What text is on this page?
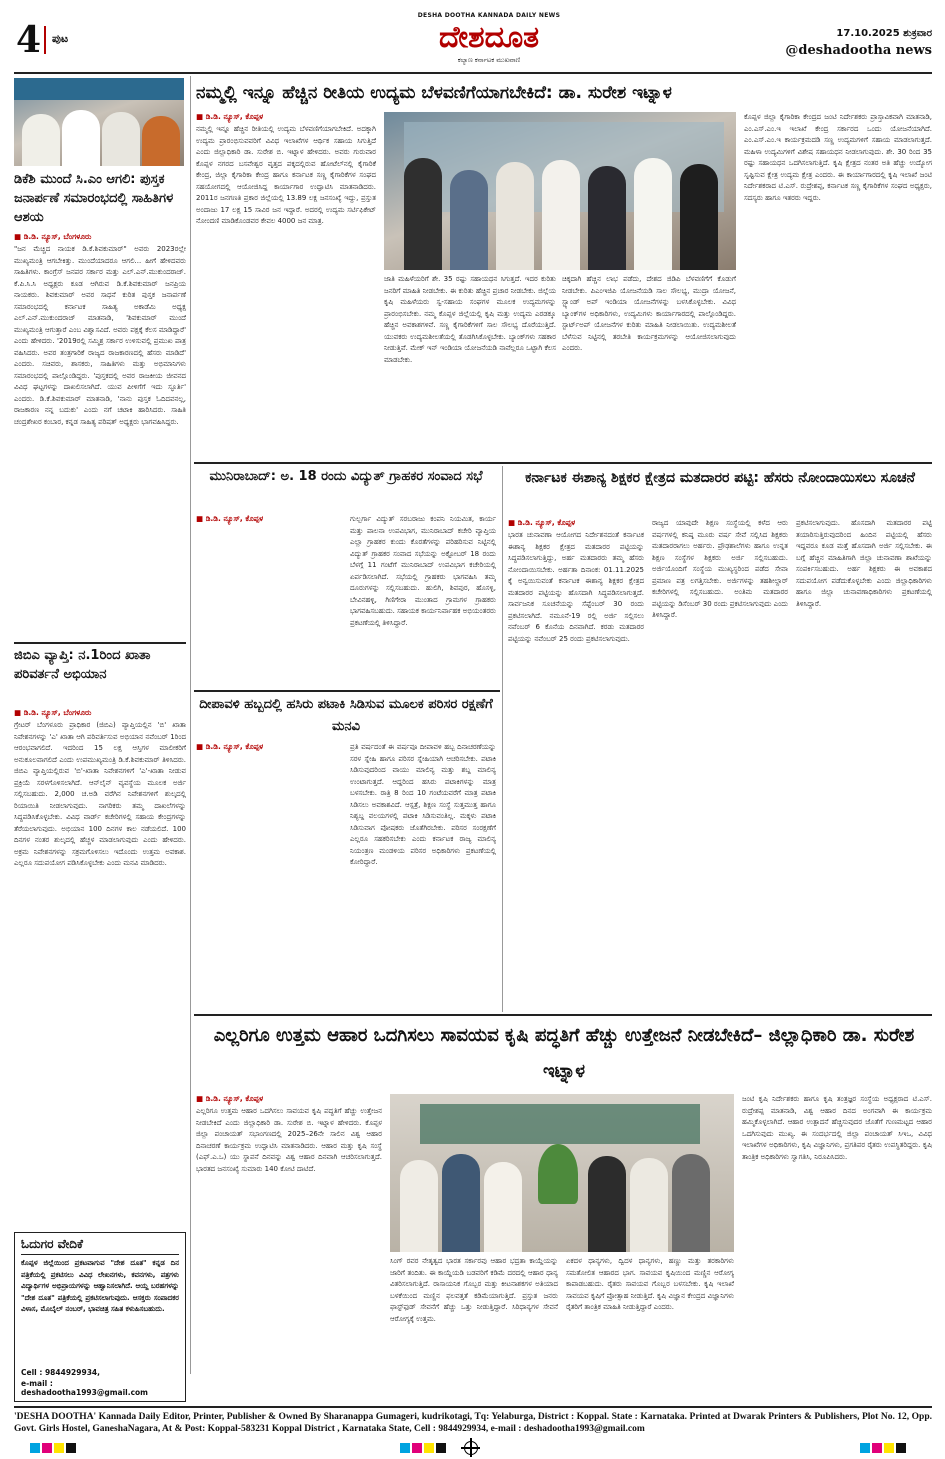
4 ಪುಟ
DESHA DOOTHA KANNADA DAILY NEWS
ದೇಶದೂತ
ಕಲ್ಯಾಣ ಕರ್ನಾಟಕ ಮುಖವಾಣಿ
17.10.2025 ಶುಕ್ರವಾರ
@deshadootha news
ಡಿಕೆಶಿ ಮುಂದೆ ಸಿ.ಎಂ ಆಗಲಿ: ಪುಸ್ತಕ ಜನಾರ್ಪಣೆ ಸಮಾರಂಭದಲ್ಲಿ ಸಾಹಿತಿಗಳ ಆಶಯ
■ ಡಿ.ಡಿ. ನ್ಯೂಸ್‌, ಬೆಂಗಳೂರು
"ಜನ ಮೆಚ್ಚಿದ ನಾಯಕ ಡಿ.ಕೆ.ಶಿವಕುಮಾರ್" ಅವರು 2023ರಲ್ಲೇ ಮುಖ್ಯಮಂತ್ರಿ ಆಗಬೇಕಿತ್ತು. ಮುಂದೆಯಾದರೂ ಆಗಲಿ... ಹೀಗೆ ಹೇಳಿದವರು ಸಾಹಿತಿಗಳು. ಕಾಂಗ್ರೆಸ್ ಜನಪರ ಸರ್ಕಾರ ಮತ್ತು ಎಲ್.ಎನ್.ಮುಕುಂದರಾಜ್. ಕೆ.ಪಿ.ಸಿ.ಸಿ ಅಧ್ಯಕ್ಷರು ಕೂಡ ಆಗಿರುವ ಡಿ.ಕೆ.ಶಿವಕುಮಾರ್ ಜನಪ್ರಿಯ ನಾಯಕರು. ಶಿವಕುಮಾರ್ ಅವರ ಸಾಧನೆ ಕುರಿತ ಪುಸ್ತಕ ಜನಾರ್ಪಣೆ ಸಮಾರಂಭದಲ್ಲಿ ಕರ್ನಾಟಕ ಸಾಹಿತ್ಯ ಅಕಾಡೆಮಿ ಅಧ್ಯಕ್ಷ ಎಲ್.ಎನ್.ಮುಕುಂದರಾಜ್ ಮಾತನಾಡಿ, 'ಶಿವಕುಮಾರ್ ಮುಂದೆ ಮುಖ್ಯಮಂತ್ರಿ ಆಗುತ್ತಾರೆ ಎಂಬ ವಿಶ್ವಾಸವಿದೆ. ಅವರು ಪಕ್ಷಕ್ಕೆ ಕೆಲಸ ಮಾಡಿದ್ದಾರೆ' ಎಂದು ಹೇಳಿದರು. '2019ರಲ್ಲಿ ಸಮ್ಮಿಶ್ರ ಸರ್ಕಾರ ಉಳಿಸುವಲ್ಲಿ ಪ್ರಮುಖ ಪಾತ್ರ ವಹಿಸಿದರು. ಅವರ ತಂತ್ರಗಾರಿಕೆ ರಾಜ್ಯದ ರಾಜಕಾರಣದಲ್ಲಿ ಹೆಸರು ಮಾಡಿದೆ' ಎಂದರು. ಸಚಿವರು, ಶಾಸಕರು, ಸಾಹಿತಿಗಳು ಮತ್ತು ಅಭಿಮಾನಿಗಳು ಸಮಾರಂಭದಲ್ಲಿ ಪಾಲ್ಗೊಂಡಿದ್ದರು. 'ಪುಸ್ತಕದಲ್ಲಿ ಅವರ ರಾಜಕೀಯ ಜೀವನದ ವಿವಿಧ ಘಟ್ಟಗಳನ್ನು ದಾಖಲಿಸಲಾಗಿದೆ. ಯುವ ಪೀಳಿಗೆಗೆ ಇದು ಸ್ಫೂರ್ತಿ' ಎಂದರು. ಡಿ.ಕೆ.ಶಿವಕುಮಾರ್ ಮಾತನಾಡಿ, 'ನಾನು ಪುಸ್ತಕ ಓದಿದವನಲ್ಲ, ರಾಜಕಾರಣ ನನ್ನ ಬದುಕು' ಎಂದು ನಗೆ ಚಟಾಕಿ ಹಾರಿಸಿದರು. ಸಾಹಿತಿ ಚಂದ್ರಶೇಖರ ಕಂಬಾರ, ಕನ್ನಡ ಸಾಹಿತ್ಯ ಪರಿಷತ್ ಅಧ್ಯಕ್ಷರು ಭಾಗವಹಿಸಿದ್ದರು.
ಜಿಬಿಎ ವ್ಯಾಪ್ತಿ: ನ.1ರಿಂದ ಖಾತಾ ಪರಿವರ್ತನೆ ಅಭಿಯಾನ
■ ಡಿ.ಡಿ. ನ್ಯೂಸ್‌, ಬೆಂಗಳೂರು
ಗ್ರೇಟರ್ ಬೆಂಗಳೂರು ಪ್ರಾಧಿಕಾರ (ಜಿಬಿಎ) ವ್ಯಾಪ್ತಿಯಲ್ಲಿನ 'ಬಿ' ಖಾತಾ ನಿವೇಶನಗಳನ್ನು 'ಎ' ಖಾತಾ ಆಗಿ ಪರಿವರ್ತಿಸುವ ಅಭಿಯಾನ ನವೆಂಬರ್ 1ರಿಂದ ಆರಂಭವಾಗಲಿದೆ. ಇದರಿಂದ 15 ಲಕ್ಷ ಆಸ್ತಿಗಳ ಮಾಲೀಕರಿಗೆ ಅನುಕೂಲವಾಗಲಿದೆ ಎಂದು ಉಪಮುಖ್ಯಮಂತ್ರಿ ಡಿ.ಕೆ.ಶಿವಕುಮಾರ್ ತಿಳಿಸಿದರು. ಜಿಬಿಎ ವ್ಯಾಪ್ತಿಯಲ್ಲಿರುವ 'ಬಿ'-ಖಾತಾ ನಿವೇಶನಗಳಿಗೆ 'ಎ'-ಖಾತಾ ನೀಡುವ ಪ್ರಕ್ರಿಯೆ ಸರಳಗೊಳಿಸಲಾಗಿದೆ. ಆನ್‌ಲೈನ್ ವ್ಯವಸ್ಥೆಯ ಮೂಲಕ ಅರ್ಜಿ ಸಲ್ಲಿಸಬಹುದು. 2,000 ಚ.ಅಡಿ ವರೆಗಿನ ನಿವೇಶನಗಳಿಗೆ ಶುಲ್ಕದಲ್ಲಿ ರಿಯಾಯಿತಿ ನೀಡಲಾಗುವುದು. ನಾಗರಿಕರು ತಮ್ಮ ದಾಖಲೆಗಳನ್ನು ಸಿದ್ಧಪಡಿಸಿಕೊಳ್ಳಬೇಕು. ವಿವಿಧ ವಾರ್ಡ್ ಕಚೇರಿಗಳಲ್ಲಿ ಸಹಾಯ ಕೇಂದ್ರಗಳನ್ನು ತೆರೆಯಲಾಗುವುದು. ಅಭಿಯಾನ 100 ದಿನಗಳ ಕಾಲ ನಡೆಯಲಿದೆ. 100 ದಿನಗಳ ನಂತರ ಶುಲ್ಕದಲ್ಲಿ ಹೆಚ್ಚಳ ಮಾಡಲಾಗುವುದು ಎಂದು ಹೇಳಿದರು. ಅಕ್ರಮ ನಿವೇಶನಗಳನ್ನು ಸಕ್ರಮಗೊಳಿಸಲು ಇದೊಂದು ಉತ್ತಮ ಅವಕಾಶ. ಎಲ್ಲರೂ ಸದುಪಯೋಗ ಪಡಿಸಿಕೊಳ್ಳಬೇಕು ಎಂದು ಮನವಿ ಮಾಡಿದರು.
ನಮ್ಮಲ್ಲಿ ಇನ್ನೂ ಹೆಚ್ಚಿನ ರೀತಿಯ ಉದ್ಯಮ ಬೆಳವಣಿಗೆಯಾಗಬೇಕಿದೆ: ಡಾ. ಸುರೇಶ ಇಟ್ನಾಳ
■ ಡಿ.ಡಿ. ನ್ಯೂಸ್‌, ಕೊಪ್ಪಳ
ನಮ್ಮಲ್ಲಿ ಇನ್ನೂ ಹೆಚ್ಚಿನ ರೀತಿಯಲ್ಲಿ ಉದ್ಯಮ ಬೆಳವಣಿಗೆಯಾಗಬೇಕಿದೆ. ಅದಕ್ಕಾಗಿ ಉದ್ಯಮ ಪ್ರಾರಂಭಿಸುವವರಿಗೆ ವಿವಿಧ ಇಲಾಖೆಗಳ ಆರ್ಥಿಕ ಸಹಾಯ ಸಿಗುತ್ತಿದೆ ಎಂದು ಜಿಲ್ಲಾಧಿಕಾರಿ ಡಾ. ಸುರೇಶ ಬಿ. ಇಟ್ನಾಳ ಹೇಳಿದರು. ಅವರು ಗುರುವಾರ ಕೊಪ್ಪಳ ನಗರದ ಬಸವೇಶ್ವರ ವೃತ್ತದ ಪಕ್ಕದಲ್ಲಿರುವ ಹೋಟೆಲ್‌ನಲ್ಲಿ ಕೈಗಾರಿಕೆ ಕೇಂದ್ರ, ಜಿಲ್ಲಾ ಕೈಗಾರಿಕಾ ಕೇಂದ್ರ ಹಾಗೂ ಕರ್ನಾಟಕ ಸಣ್ಣ ಕೈಗಾರಿಕೆಗಳ ಸಂಘದ ಸಹಯೋಗದಲ್ಲಿ ಆಯೋಜಿಸಿದ್ದ ಕಾರ್ಯಾಗಾರ ಉದ್ಘಾಟಿಸಿ ಮಾತನಾಡಿದರು. 2011ರ ಜನಗಣತಿ ಪ್ರಕಾರ ಜಿಲ್ಲೆಯಲ್ಲಿ 13.89 ಲಕ್ಷ ಜನಸಂಖ್ಯೆ ಇದ್ದು, ಪ್ರಸ್ತುತ ಅಂದಾಜು 17 ಲಕ್ಷ 15 ಸಾವಿರ ಜನ ಇದ್ದಾರೆ. ಅದರಲ್ಲಿ ಉದ್ಯಮ ಸರ್ಟಿಫಿಕೇಟ್ ನೋಂದಣಿ ಮಾಡಿಕೊಂಡವರ ಕೇವಲ 4000 ಜನ ಮಾತ್ರ.
ಜಾತಿ ಮಹಿಳೆಯರಿಗೆ ಶೇ. 35 ರಷ್ಟು ಸಹಾಯಧನ ಸಿಗುತ್ತದೆ. ಇದರ ಕುರಿತು ಜನರಿಗೆ ಮಾಹಿತಿ ನೀಡಬೇಕು. ಈ ಕುರಿತು ಹೆಚ್ಚಿನ ಪ್ರಚಾರ ನೀಡಬೇಕು. ಜಿಲ್ಲೆಯ ಕೃಷಿ ಮಹಿಳೆಯರು ಸ್ವ-ಸಹಾಯ ಸಂಘಗಳ ಮೂಲಕ ಉದ್ಯಮಗಳನ್ನು ಪ್ರಾರಂಭಿಸಬೇಕು. ನಮ್ಮ ಕೊಪ್ಪಳ ಜಿಲ್ಲೆಯಲ್ಲಿ ಕೃಷಿ ಮತ್ತು ಉದ್ಯಮ ಎರಡಕ್ಕೂ ಹೆಚ್ಚಿನ ಅವಕಾಶಗಳಿವೆ. ಸಣ್ಣ ಕೈಗಾರಿಕೆಗಳಿಗೆ ಸಾಲ ಸೌಲಭ್ಯ ದೊರೆಯುತ್ತಿದೆ. ಯುವಕರು ಉದ್ಯಮಶೀಲತೆಯಲ್ಲಿ ತೊಡಗಿಸಿಕೊಳ್ಳಬೇಕು. ಬ್ಯಾಂಕ್‌ಗಳು ಸಹಕಾರ ನೀಡುತ್ತಿವೆ. ಮೇಕ್ ಇನ್ ಇಂಡಿಯಾ ಯೋಜನೆಯಡಿ ನಾವೆಲ್ಲರೂ ಒಟ್ಟಾಗಿ ಕೆಲಸ ಮಾಡಬೇಕು.
ಚಿಕ್ಕದಾಗಿ ಹೆಚ್ಚಿನ ಲಾಭ ಪಡೆದು, ದೇಶದ ಜಿಡಿಪಿ ಬೆಳವಣಿಗೆಗೆ ಕೊಡುಗೆ ನೀಡಬೇಕು. ಪಿಎಂಇಜಿಪಿ ಯೋಜನೆಯಡಿ ಸಾಲ ಸೌಲಭ್ಯ, ಮುದ್ರಾ ಯೋಜನೆ, ಸ್ಟ್ಯಾಂಡ್ ಅಪ್ ಇಂಡಿಯಾ ಯೋಜನೆಗಳನ್ನು ಬಳಸಿಕೊಳ್ಳಬೇಕು. ವಿವಿಧ ಬ್ಯಾಂಕ್‌ಗಳ ಅಧಿಕಾರಿಗಳು, ಉದ್ಯಮಿಗಳು ಕಾರ್ಯಾಗಾರದಲ್ಲಿ ಪಾಲ್ಗೊಂಡಿದ್ದರು. ಸ್ಟಾರ್ಟ್‌ಅಪ್ ಯೋಜನೆಗಳ ಕುರಿತು ಮಾಹಿತಿ ನೀಡಲಾಯಿತು. ಉದ್ಯಮಶೀಲತೆ ಬೆಳೆಸುವ ನಿಟ್ಟಿನಲ್ಲಿ ತರಬೇತಿ ಕಾರ್ಯಕ್ರಮಗಳನ್ನು ಆಯೋಜಿಸಲಾಗುವುದು ಎಂದರು.
ಕೊಪ್ಪಳ ಜಿಲ್ಲಾ ಕೈಗಾರಿಕಾ ಕೇಂದ್ರದ ಜಂಟಿ ನಿರ್ದೇಶಕರು ಪ್ರಾಸ್ತಾವಿಕವಾಗಿ ಮಾತನಾಡಿ, ಎಂ.ಎಸ್.ಎಂ.ಇ ಇಲಾಖೆ ಕೇಂದ್ರ ಸರ್ಕಾರದ ಒಂದು ಯೋಜನೆಯಾಗಿದೆ. ಎಂ.ಎಸ್.ಎಂ.ಇ ಕಾರ್ಯಕ್ರಮದಡಿ ಸಣ್ಣ ಉದ್ಯಮಗಳಿಗೆ ಸಹಾಯ ಮಾಡಲಾಗುತ್ತದೆ. ಮಹಿಳಾ ಉದ್ಯಮಿಗಳಿಗೆ ವಿಶೇಷ ಸಹಾಯಧನ ನೀಡಲಾಗುವುದು. ಶೇ. 30 ರಿಂದ 35 ರಷ್ಟು ಸಹಾಯಧನ ಒದಗಿಸಲಾಗುತ್ತಿದೆ. ಕೃಷಿ ಕ್ಷೇತ್ರದ ನಂತರ ಅತಿ ಹೆಚ್ಚು ಉದ್ಯೋಗ ಸೃಷ್ಟಿಸುವ ಕ್ಷೇತ್ರ ಉದ್ಯಮ ಕ್ಷೇತ್ರ ಎಂದರು. ಈ ಕಾರ್ಯಾಗಾರದಲ್ಲಿ ಕೃಷಿ ಇಲಾಖೆ ಜಂಟಿ ನಿರ್ದೇಶಕರಾದ ಟಿ.ಎಸ್. ರುದ್ರೇಶಪ್ಪ, ಕರ್ನಾಟಕ ಸಣ್ಣ ಕೈಗಾರಿಕೆಗಳ ಸಂಘದ ಅಧ್ಯಕ್ಷರು, ಸದಸ್ಯರು ಹಾಗೂ ಇತರರು ಇದ್ದರು.
ಮುನಿರಾಬಾದ್: ಅ. 18 ರಂದು ವಿದ್ಯುತ್ ಗ್ರಾಹಕರ ಸಂವಾದ ಸಭೆ
■ ಡಿ.ಡಿ. ನ್ಯೂಸ್‌, ಕೊಪ್ಪಳ	ಗುಲ್ಬರ್ಗಾ ವಿದ್ಯುತ್ ಸರಬರಾಜು ಕಂಪನಿ ನಿಯಮಿತ, ಕಾರ್ಯ ಮತ್ತು ಪಾಲನಾ ಉಪವಿಭಾಗ, ಮುನಿರಾಬಾದ್ ಕಚೇರಿ ವ್ಯಾಪ್ತಿಯ ಎಲ್ಲಾ ಗ್ರಾಹಕರ ಕುಂದು ಕೊರತೆಗಳನ್ನು ಪರಿಹರಿಸುವ ನಿಟ್ಟಿನಲ್ಲಿ ವಿದ್ಯುತ್ ಗ್ರಾಹಕರ ಸಂವಾದ ಸಭೆಯನ್ನು ಅಕ್ಟೋಬರ್ 18 ರಂದು ಬೆಳಗ್ಗೆ 11 ಗಂಟೆಗೆ ಮುನಿರಾಬಾದ್ ಉಪವಿಭಾಗ ಕಚೇರಿಯಲ್ಲಿ ಏರ್ಪಡಿಸಲಾಗಿದೆ. ಸಭೆಯಲ್ಲಿ ಗ್ರಾಹಕರು ಭಾಗವಹಿಸಿ ತಮ್ಮ ದೂರುಗಳನ್ನು ಸಲ್ಲಿಸಬಹುದು. ಹುಲಿಗಿ, ಶಿವಪುರ, ಹೊಸಳ್ಳಿ, ಬೇವಿನಹಳ್ಳಿ, ಗಿಣಿಗೇರಾ ಮುಂತಾದ ಗ್ರಾಮಗಳ ಗ್ರಾಹಕರು ಭಾಗವಹಿಸಬಹುದು. ಸಹಾಯಕ ಕಾರ್ಯನಿರ್ವಾಹಕ ಅಭಿಯಂತರರು ಪ್ರಕಟಣೆಯಲ್ಲಿ ತಿಳಿಸಿದ್ದಾರೆ.
ದೀಪಾವಳಿ ಹಬ್ಬದಲ್ಲಿ ಹಸಿರು ಪಟಾಕಿ ಸಿಡಿಸುವ ಮೂಲಕ ಪರಿಸರ ರಕ್ಷಣೆಗೆ ಮನವಿ
■ ಡಿ.ಡಿ. ನ್ಯೂಸ್‌, ಕೊಪ್ಪಳ	ಪ್ರತಿ ವರ್ಷದಂತೆ ಈ ವರ್ಷವೂ ದೀಪಾವಳಿ ಹಬ್ಬ ದಿನಾಚರಣೆಯನ್ನು ಸರಳ ಸ್ನೇಹಿ ಹಾಗೂ ಪರಿಸರ ಸ್ನೇಹಿಯಾಗಿ ಆಚರಿಸಬೇಕು. ಪಟಾಕಿ ಸಿಡಿಸುವುದರಿಂದ ವಾಯು ಮಾಲಿನ್ಯ ಮತ್ತು ಶಬ್ದ ಮಾಲಿನ್ಯ ಉಂಟಾಗುತ್ತದೆ. ಆದ್ದರಿಂದ ಹಸಿರು ಪಟಾಕಿಗಳನ್ನು ಮಾತ್ರ ಬಳಸಬೇಕು. ರಾತ್ರಿ 8 ರಿಂದ 10 ಗಂಟೆಯವರೆಗೆ ಮಾತ್ರ ಪಟಾಕಿ ಸಿಡಿಸಲು ಅವಕಾಶವಿದೆ. ಆಸ್ಪತ್ರೆ, ಶಿಕ್ಷಣ ಸಂಸ್ಥೆ ಸುತ್ತಮುತ್ತ ಹಾಗೂ ನಿಶ್ಯಬ್ದ ವಲಯಗಳಲ್ಲಿ ಪಟಾಕಿ ಸಿಡಿಸುವಂತಿಲ್ಲ. ಮಕ್ಕಳು ಪಟಾಕಿ ಸಿಡಿಸುವಾಗ ಪೋಷಕರು ಜೊತೆಗಿರಬೇಕು. ಪರಿಸರ ಸಂರಕ್ಷಣೆಗೆ ಎಲ್ಲರೂ ಸಹಕರಿಸಬೇಕು ಎಂದು ಕರ್ನಾಟಕ ರಾಜ್ಯ ಮಾಲಿನ್ಯ ನಿಯಂತ್ರಣ ಮಂಡಳಿಯ ಪರಿಸರ ಅಧಿಕಾರಿಗಳು ಪ್ರಕಟಣೆಯಲ್ಲಿ ಕೋರಿದ್ದಾರೆ.
ಕರ್ನಾಟಕ ಈಶಾನ್ಯ ಶಿಕ್ಷಕರ ಕ್ಷೇತ್ರದ ಮತದಾರರ ಪಟ್ಟಿ: ಹೆಸರು ನೋಂದಾಯಿಸಲು ಸೂಚನೆ
■ ಡಿ.ಡಿ. ನ್ಯೂಸ್‌, ಕೊಪ್ಪಳ
ಭಾರತ ಚುನಾವಣಾ ಆಯೋಗದ ನಿರ್ದೇಶನದಂತೆ ಕರ್ನಾಟಕ ಈಶಾನ್ಯ ಶಿಕ್ಷಕರ ಕ್ಷೇತ್ರದ ಮತದಾರರ ಪಟ್ಟಿಯನ್ನು ಸಿದ್ಧಪಡಿಸಲಾಗುತ್ತಿದ್ದು, ಅರ್ಹ ಮತದಾರರು ತಮ್ಮ ಹೆಸರು ನೋಂದಾಯಿಸಬೇಕು. ಅರ್ಹತಾ ದಿನಾಂಕ: 01.11.2025 ಕ್ಕೆ ಅನ್ವಯಿಸುವಂತೆ ಕರ್ನಾಟಕ ಈಶಾನ್ಯ ಶಿಕ್ಷಕರ ಕ್ಷೇತ್ರದ ಮತದಾರರ ಪಟ್ಟಿಯನ್ನು ಹೊಸದಾಗಿ ಸಿದ್ಧಪಡಿಸಲಾಗುತ್ತದೆ. ಸಾರ್ವಜನಿಕ ಸೂಚನೆಯನ್ನು ಸೆಪ್ಟೆಂಬರ್ 30 ರಂದು ಪ್ರಕಟಿಸಲಾಗಿದೆ. ನಮೂನೆ-19 ರಲ್ಲಿ ಅರ್ಜಿ ಸಲ್ಲಿಸಲು ನವೆಂಬರ್ 6 ಕೊನೆಯ ದಿನವಾಗಿದೆ. ಕರಡು ಮತದಾರರ ಪಟ್ಟಿಯನ್ನು ನವೆಂಬರ್ 25 ರಂದು ಪ್ರಕಟಿಸಲಾಗುವುದು.
ರಾಜ್ಯದ ಯಾವುದೇ ಶಿಕ್ಷಣ ಸಂಸ್ಥೆಯಲ್ಲಿ ಕಳೆದ ಆರು ವರ್ಷಗಳಲ್ಲಿ ಕನಿಷ್ಠ ಮೂರು ವರ್ಷ ಸೇವೆ ಸಲ್ಲಿಸಿದ ಶಿಕ್ಷಕರು ಮತದಾರರಾಗಲು ಅರ್ಹರು. ಪ್ರೌಢಶಾಲೆಗಳು ಹಾಗೂ ಉನ್ನತ ಶಿಕ್ಷಣ ಸಂಸ್ಥೆಗಳ ಶಿಕ್ಷಕರು ಅರ್ಜಿ ಸಲ್ಲಿಸಬಹುದು. ಅರ್ಜಿಯೊಂದಿಗೆ ಸಂಸ್ಥೆಯ ಮುಖ್ಯಸ್ಥರಿಂದ ಪಡೆದ ಸೇವಾ ಪ್ರಮಾಣ ಪತ್ರ ಲಗತ್ತಿಸಬೇಕು. ಅರ್ಜಿಗಳನ್ನು ತಹಶೀಲ್ದಾರ್ ಕಚೇರಿಗಳಲ್ಲಿ ಸಲ್ಲಿಸಬಹುದು. ಅಂತಿಮ ಮತದಾರರ ಪಟ್ಟಿಯನ್ನು ಡಿಸೆಂಬರ್ 30 ರಂದು ಪ್ರಕಟಿಸಲಾಗುವುದು ಎಂದು ತಿಳಿಸಿದ್ದಾರೆ.
ಪ್ರಕಟಿಸಲಾಗುವುದು. ಹೊಸದಾಗಿ ಮತದಾರರ ಪಟ್ಟಿ ತಯಾರಿಸುತ್ತಿರುವುದರಿಂದ ಹಿಂದಿನ ಪಟ್ಟಿಯಲ್ಲಿ ಹೆಸರು ಇದ್ದವರೂ ಕೂಡ ಮತ್ತೆ ಹೊಸದಾಗಿ ಅರ್ಜಿ ಸಲ್ಲಿಸಬೇಕು. ಈ ಬಗ್ಗೆ ಹೆಚ್ಚಿನ ಮಾಹಿತಿಗಾಗಿ ಜಿಲ್ಲಾ ಚುನಾವಣಾ ಶಾಖೆಯನ್ನು ಸಂಪರ್ಕಿಸಬಹುದು. ಅರ್ಹ ಶಿಕ್ಷಕರು ಈ ಅವಕಾಶದ ಸದುಪಯೋಗ ಪಡೆದುಕೊಳ್ಳಬೇಕು ಎಂದು ಜಿಲ್ಲಾಧಿಕಾರಿಗಳು ಹಾಗೂ ಜಿಲ್ಲಾ ಚುನಾವಣಾಧಿಕಾರಿಗಳು ಪ್ರಕಟಣೆಯಲ್ಲಿ ತಿಳಿಸಿದ್ದಾರೆ.
ಎಲ್ಲರಿಗೂ ಉತ್ತಮ ಆಹಾರ ಒದಗಿಸಲು ಸಾವಯವ ಕೃಷಿ ಪದ್ಧತಿಗೆ ಹೆಚ್ಚು ಉತ್ತೇಜನೆ ನೀಡಬೇಕಿದೆ– ಜಿಲ್ಲಾಧಿಕಾರಿ ಡಾ. ಸುರೇಶ ಇಟ್ನಾಳ
■ ಡಿ.ಡಿ. ನ್ಯೂಸ್‌, ಕೊಪ್ಪಳ
ಎಲ್ಲರಿಗೂ ಉತ್ತಮ ಆಹಾರ ಒದಗಿಸಲು ಸಾವಯವ ಕೃಷಿ ಪದ್ಧತಿಗೆ ಹೆಚ್ಚು ಉತ್ತೇಜನ ನೀಡಬೇಕಿದೆ ಎಂದು ಜಿಲ್ಲಾಧಿಕಾರಿ ಡಾ. ಸುರೇಶ ಬಿ. ಇಟ್ನಾಳ ಹೇಳಿದರು. ಕೊಪ್ಪಳ ಜಿಲ್ಲಾ ಪಂಚಾಯತ್ ಸಭಾಂಗಣದಲ್ಲಿ 2025–26ನೇ ಸಾಲಿನ ವಿಶ್ವ ಆಹಾರ ದಿನಾಚರಣೆ ಕಾರ್ಯಕ್ರಮ ಉದ್ಘಾಟಿಸಿ ಮಾತನಾಡಿದರು. ಆಹಾರ ಮತ್ತು ಕೃಷಿ ಸಂಸ್ಥೆ (ಎಫ್.ಎ.ಒ) ಯು ಸ್ಥಾಪನೆ ದಿನವನ್ನು ವಿಶ್ವ ಆಹಾರ ದಿನವಾಗಿ ಆಚರಿಸಲಾಗುತ್ತದೆ. ಭಾರತದ ಜನಸಂಖ್ಯೆ ಸುಮಾರು 140 ಕೋಟಿ ದಾಟಿದೆ.
ಸಿಂಗ್ ರವರ ನೇತೃತ್ವದ ಭಾರತ ಸರ್ಕಾರವು ಆಹಾರ ಭದ್ರತಾ ಕಾಯ್ದೆಯನ್ನು ಜಾರಿಗೆ ತಂದಿತು. ಈ ಕಾಯ್ದೆಯಡಿ ಬಡವರಿಗೆ ಕಡಿಮೆ ದರದಲ್ಲಿ ಆಹಾರ ಧಾನ್ಯ ವಿತರಿಸಲಾಗುತ್ತಿದೆ. ರಾಸಾಯನಿಕ ಗೊಬ್ಬರ ಮತ್ತು ಕೀಟನಾಶಕಗಳ ಅತಿಯಾದ ಬಳಕೆಯಿಂದ ಮಣ್ಣಿನ ಫಲವತ್ತತೆ ಕಡಿಮೆಯಾಗುತ್ತಿದೆ. ಪ್ರಸ್ತುತ ಜನರು ಫಾಸ್ಟ್‌ಫುಡ್ ಸೇವನೆಗೆ ಹೆಚ್ಚು ಒತ್ತು ನೀಡುತ್ತಿದ್ದಾರೆ. ಸಿರಿಧಾನ್ಯಗಳ ಸೇವನೆ ಆರೋಗ್ಯಕ್ಕೆ ಉತ್ತಮ.
ಏಕದಳ ಧಾನ್ಯಗಳು, ದ್ವಿದಳ ಧಾನ್ಯಗಳು, ಹಣ್ಣು ಮತ್ತು ತರಕಾರಿಗಳು ಸಮತೋಲಿತ ಆಹಾರದ ಭಾಗ. ಸಾವಯವ ಕೃಷಿಯಿಂದ ಮಣ್ಣಿನ ಆರೋಗ್ಯ ಕಾಪಾಡಬಹುದು. ರೈತರು ಸಾವಯವ ಗೊಬ್ಬರ ಬಳಸಬೇಕು. ಕೃಷಿ ಇಲಾಖೆ ಸಾವಯವ ಕೃಷಿಗೆ ಪ್ರೋತ್ಸಾಹ ನೀಡುತ್ತಿದೆ. ಕೃಷಿ ವಿಜ್ಞಾನ ಕೇಂದ್ರದ ವಿಜ್ಞಾನಿಗಳು ರೈತರಿಗೆ ತಾಂತ್ರಿಕ ಮಾಹಿತಿ ನೀಡುತ್ತಿದ್ದಾರೆ ಎಂದರು.
ಜಂಟಿ ಕೃಷಿ ನಿರ್ದೇಶಕರು ಹಾಗೂ ಕೃಷಿ ತಂತ್ರಜ್ಞರ ಸಂಸ್ಥೆಯ ಅಧ್ಯಕ್ಷರಾದ ಟಿ.ಎಸ್. ರುದ್ರೇಶಪ್ಪ ಮಾತನಾಡಿ, ವಿಶ್ವ ಆಹಾರ ದಿನದ ಅಂಗವಾಗಿ ಈ ಕಾರ್ಯಕ್ರಮ ಹಮ್ಮಿಕೊಳ್ಳಲಾಗಿದೆ. ಆಹಾರ ಉತ್ಪಾದನೆ ಹೆಚ್ಚಿಸುವುದರ ಜೊತೆಗೆ ಗುಣಮಟ್ಟದ ಆಹಾರ ಒದಗಿಸುವುದು ಮುಖ್ಯ. ಈ ಸಂದರ್ಭದಲ್ಲಿ ಜಿಲ್ಲಾ ಪಂಚಾಯತ್ ಸಿಇಒ, ವಿವಿಧ ಇಲಾಖೆಗಳ ಅಧಿಕಾರಿಗಳು, ಕೃಷಿ ವಿಜ್ಞಾನಿಗಳು, ಪ್ರಗತಿಪರ ರೈತರು ಉಪಸ್ಥಿತರಿದ್ದರು. ಕೃಷಿ ತಾಂತ್ರಿಕ ಅಧಿಕಾರಿಗಳು ಸ್ವಾಗತಿಸಿ, ನಿರೂಪಿಸಿದರು.
'DESHA DOOTHA' Kannada Daily Editor, Printer, Publisher & Owned By Sharanappa Gumageri, kudrikotagi, Tq: Yelaburga, District : Koppal. State : Karnataka. Printed at Dwarak Printers & Publishers, Plot No. 12, Opp. Govt. Girls Hostel, GaneshaNagara, At & Post: Koppal-583231 Koppal District , Karnataka State, Cell : 9844929934, e-mail : deshadootha1993@gmail.com
ಓದುಗರ ವೇದಿಕೆ
ಕೊಪ್ಪಳ ಜಿಲ್ಲೆಯಿಂದ ಪ್ರಕಟವಾಗುವ "ದೇಶ ದೂತ" ಕನ್ನಡ ದಿನ ಪತ್ರಿಕೆಯಲ್ಲಿ ಪ್ರಕಟಿಸಲು ವಿವಿಧ ಲೇಖನಗಳು, ಕವನಗಳು, ಪತ್ರಗಳು ವಿದ್ಯಾರ್ಥಿಗಳ ಅಭಿಪ್ರಾಯಗಳನ್ನು ಆಹ್ವಾನಿಸಲಾಗಿದೆ. ಆಯ್ದ ಬರಹಗಳನ್ನು "ದೇಶ ದೂತ" ಪತ್ರಿಕೆಯಲ್ಲಿ ಪ್ರಕಟಿಸಲಾಗುವುದು. ಆಸಕ್ತರು ಸಂಪಾದಕರ ವಿಳಾಸ, ಮೊಬೈಲ್ ನಂಬರ್, ಭಾವಚಿತ್ರ ಸಹಿತ ಕಳುಹಿಸಬಹುದು.
Cell : 9844929934,
e-mail : deshadootha1993@gmail.com
